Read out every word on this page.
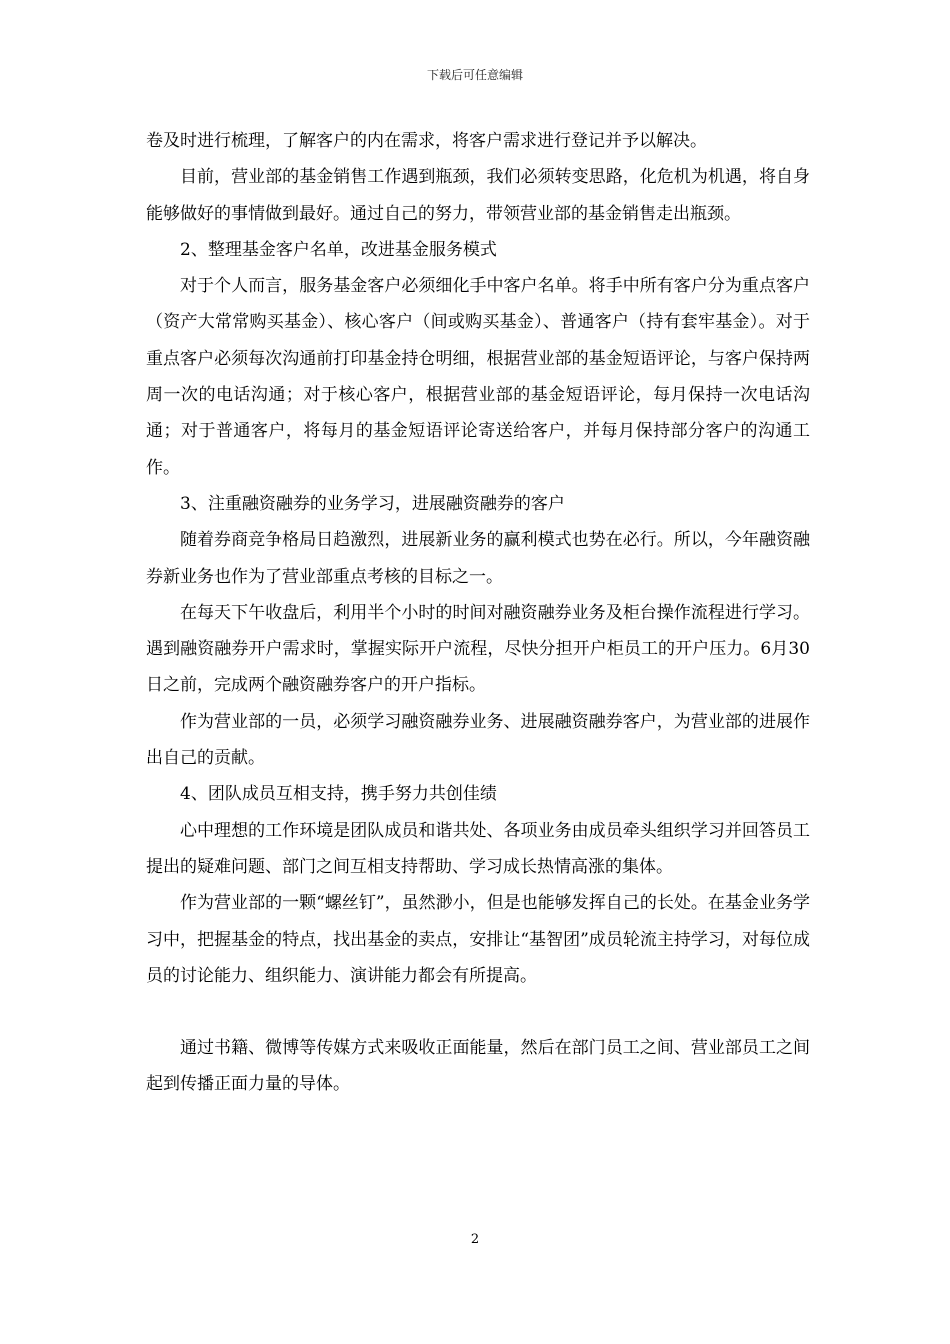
下载后可任意编辑

卷及时进行梳理，了解客户的内在需求，将客户需求进行登记并予以解决。

目前，营业部的基金销售工作遇到瓶颈，我们必须转变思路，化危机为机遇，将自身能够做好的事情做到最好。通过自己的努力，带领营业部的基金销售走出瓶颈。

2、整理基金客户名单，改进基金服务模式

对于个人而言，服务基金客户必须细化手中客户名单。将手中所有客户分为重点客户（资产大常常购买基金）、核心客户（间或购买基金）、普通客户（持有套牢基金）。对于重点客户必须每次沟通前打印基金持仓明细，根据营业部的基金短语评论，与客户保持两周一次的电话沟通；对于核心客户，根据营业部的基金短语评论，每月保持一次电话沟通；对于普通客户，将每月的基金短语评论寄送给客户，并每月保持部分客户的沟通工作。

3、注重融资融券的业务学习，进展融资融券的客户

随着券商竞争格局日趋激烈，进展新业务的赢利模式也势在必行。所以，今年融资融券新业务也作为了营业部重点考核的目标之一。

在每天下午收盘后，利用半个小时的时间对融资融券业务及柜台操作流程进行学习。遇到融资融券开户需求时，掌握实际开户流程，尽快分担开户柜员工的开户压力。6月30日之前，完成两个融资融券客户的开户指标。

作为营业部的一员，必须学习融资融券业务、进展融资融券客户，为营业部的进展作出自己的贡献。

4、团队成员互相支持，携手努力共创佳绩

心中理想的工作环境是团队成员和谐共处、各项业务由成员牵头组织学习并回答员工提出的疑难问题、部门之间互相支持帮助、学习成长热情高涨的集体。

作为营业部的一颗“螺丝钉”，虽然渺小，但是也能够发挥自己的长处。在基金业务学习中，把握基金的特点，找出基金的卖点，安排让“基智团”成员轮流主持学习，对每位成员的讨论能力、组织能力、演讲能力都会有所提高。

通过书籍、微博等传媒方式来吸收正面能量，然后在部门员工之间、营业部员工之间起到传播正面力量的导体。

2
